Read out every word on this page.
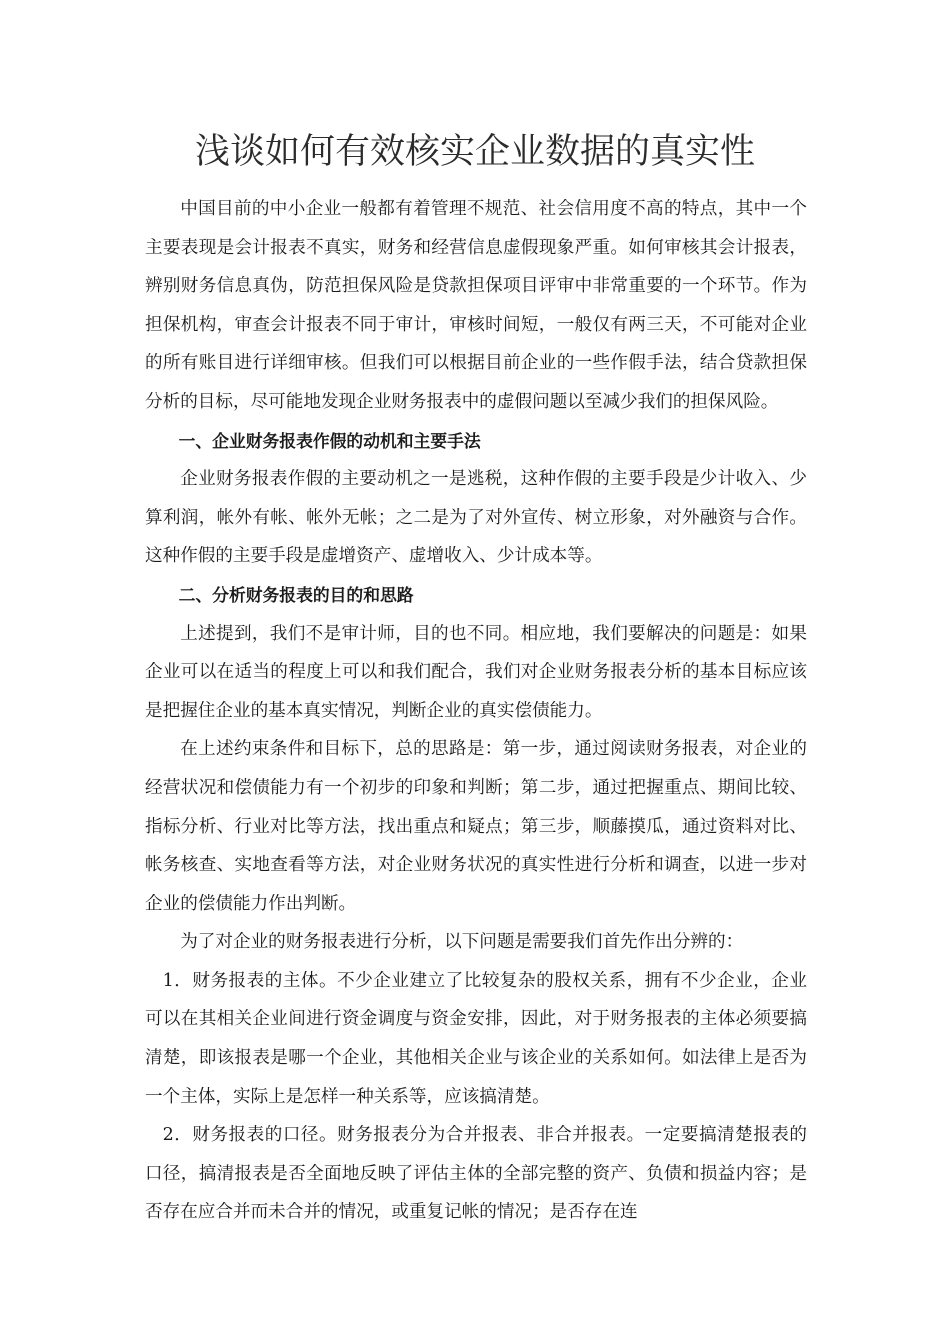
浅谈如何有效核实企业数据的真实性

中国目前的中小企业一般都有着管理不规范、社会信用度不高的特点，其中一个主要表现是会计报表不真实，财务和经营信息虚假现象严重。如何审核其会计报表，辨别财务信息真伪，防范担保风险是贷款担保项目评审中非常重要的一个环节。作为担保机构，审查会计报表不同于审计，审核时间短，一般仅有两三天，不可能对企业的所有账目进行详细审核。但我们可以根据目前企业的一些作假手法，结合贷款担保分析的目标，尽可能地发现企业财务报表中的虚假问题以至减少我们的担保风险。

一、企业财务报表作假的动机和主要手法

企业财务报表作假的主要动机之一是逃税，这种作假的主要手段是少计收入、少算利润，帐外有帐、帐外无帐；之二是为了对外宣传、树立形象，对外融资与合作。这种作假的主要手段是虚增资产、虚增收入、少计成本等。

二、分析财务报表的目的和思路

上述提到，我们不是审计师，目的也不同。相应地，我们要解决的问题是：如果企业可以在适当的程度上可以和我们配合，我们对企业财务报表分析的基本目标应该是把握住企业的基本真实情况，判断企业的真实偿债能力。

在上述约束条件和目标下，总的思路是：第一步，通过阅读财务报表，对企业的经营状况和偿债能力有一个初步的印象和判断；第二步，通过把握重点、期间比较、指标分析、行业对比等方法，找出重点和疑点；第三步，顺藤摸瓜，通过资料对比、帐务核查、实地查看等方法，对企业财务状况的真实性进行分析和调查，以进一步对企业的偿债能力作出判断。

为了对企业的财务报表进行分析，以下问题是需要我们首先作出分辨的：

1．财务报表的主体。不少企业建立了比较复杂的股权关系，拥有不少企业，企业可以在其相关企业间进行资金调度与资金安排，因此，对于财务报表的主体必须要搞清楚，即该报表是哪一个企业，其他相关企业与该企业的关系如何。如法律上是否为一个主体，实际上是怎样一种关系等，应该搞清楚。

2．财务报表的口径。财务报表分为合并报表、非合并报表。一定要搞清楚报表的口径，搞清报表是否全面地反映了评估主体的全部完整的资产、负债和损益内容；是否存在应合并而未合并的情况，或重复记帐的情况；是否存在连
